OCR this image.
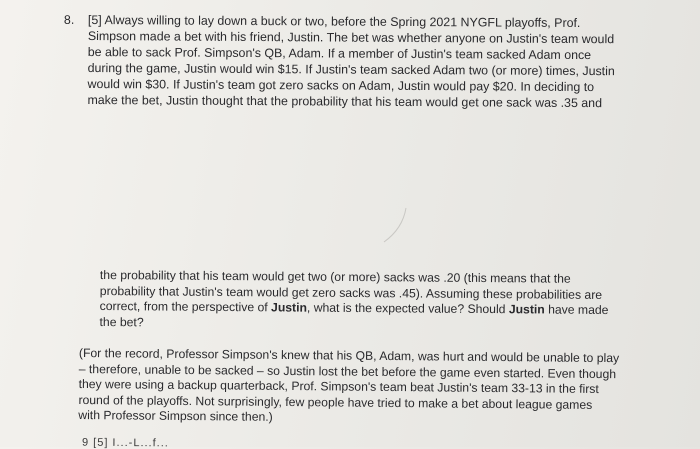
8. [5] Always willing to lay down a buck or two, before the Spring 2021 NYGFL playoffs, Prof.
Simpson made a bet with his friend, Justin. The bet was whether anyone on Justin's team would
be able to sack Prof. Simpson's QB, Adam. If a member of Justin's team sacked Adam once
during the game, Justin would win $15. If Justin's team sacked Adam two (or more) times, Justin
would win $30. If Justin's team got zero sacks on Adam, Justin would pay $20. In deciding to
make the bet, Justin thought that the probability that his team would get one sack was .35 and
the probability that his team would get two (or more) sacks was .20 (this means that the
probability that Justin's team would get zero sacks was .45). Assuming these probabilities are
correct, from the perspective of Justin, what is the expected value? Should Justin have made
the bet?
(For the record, Professor Simpson's knew that his QB, Adam, was hurt and would be unable to play
– therefore, unable to be sacked – so Justin lost the bet before the game even started. Even though
they were using a backup quarterback, Prof. Simpson's team beat Justin's team 33-13 in the first
round of the playoffs. Not surprisingly, few people have tried to make a bet about league games
with Professor Simpson since then.)
9 [5] I...-L...f...
